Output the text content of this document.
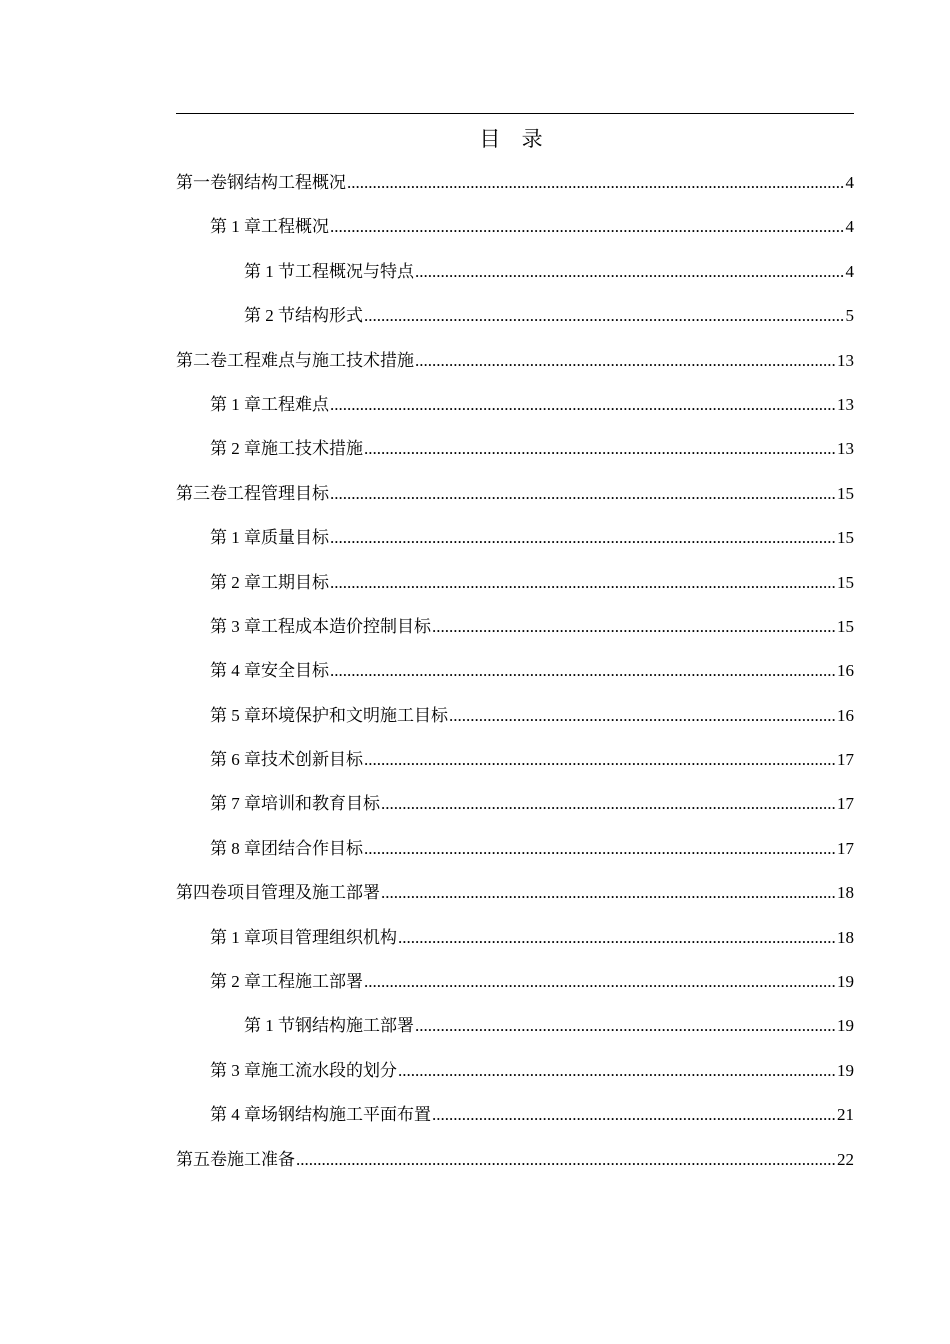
目 录
第一卷 钢结构工程概况 .....	4
第 1 章 工程概况 .....	4
第 1 节 工程概况与特点 .....	4
第 2 节 结构形式 .....	5
第二卷 工程难点与施工技术措施 .....	13
第 1 章 工程难点 .....	13
第 2 章 施工技术措施 .....	13
第三卷 工程管理目标 .....	15
第 1 章 质量目标 .....	15
第 2 章 工期目标 .....	15
第 3 章 工程成本造价控制目标 .....	15
第 4 章 安全目标 .....	16
第 5 章 环境保护和文明施工目标 .....	16
第 6 章 技术创新目标 .....	17
第 7 章 培训和教育目标 .....	17
第 8 章 团结合作目标 .....	17
第四卷 项目管理及施工部署 .....	18
第 1 章 项目管理组织机构 .....	18
第 2 章 工程施工部署 .....	19
第 1 节 钢结构施工部署 .....	19
第 3 章 施工流水段的划分 .....	19
第 4 章 场钢结构施工平面布置 .....	21
第五卷 施工准备 .....	22
